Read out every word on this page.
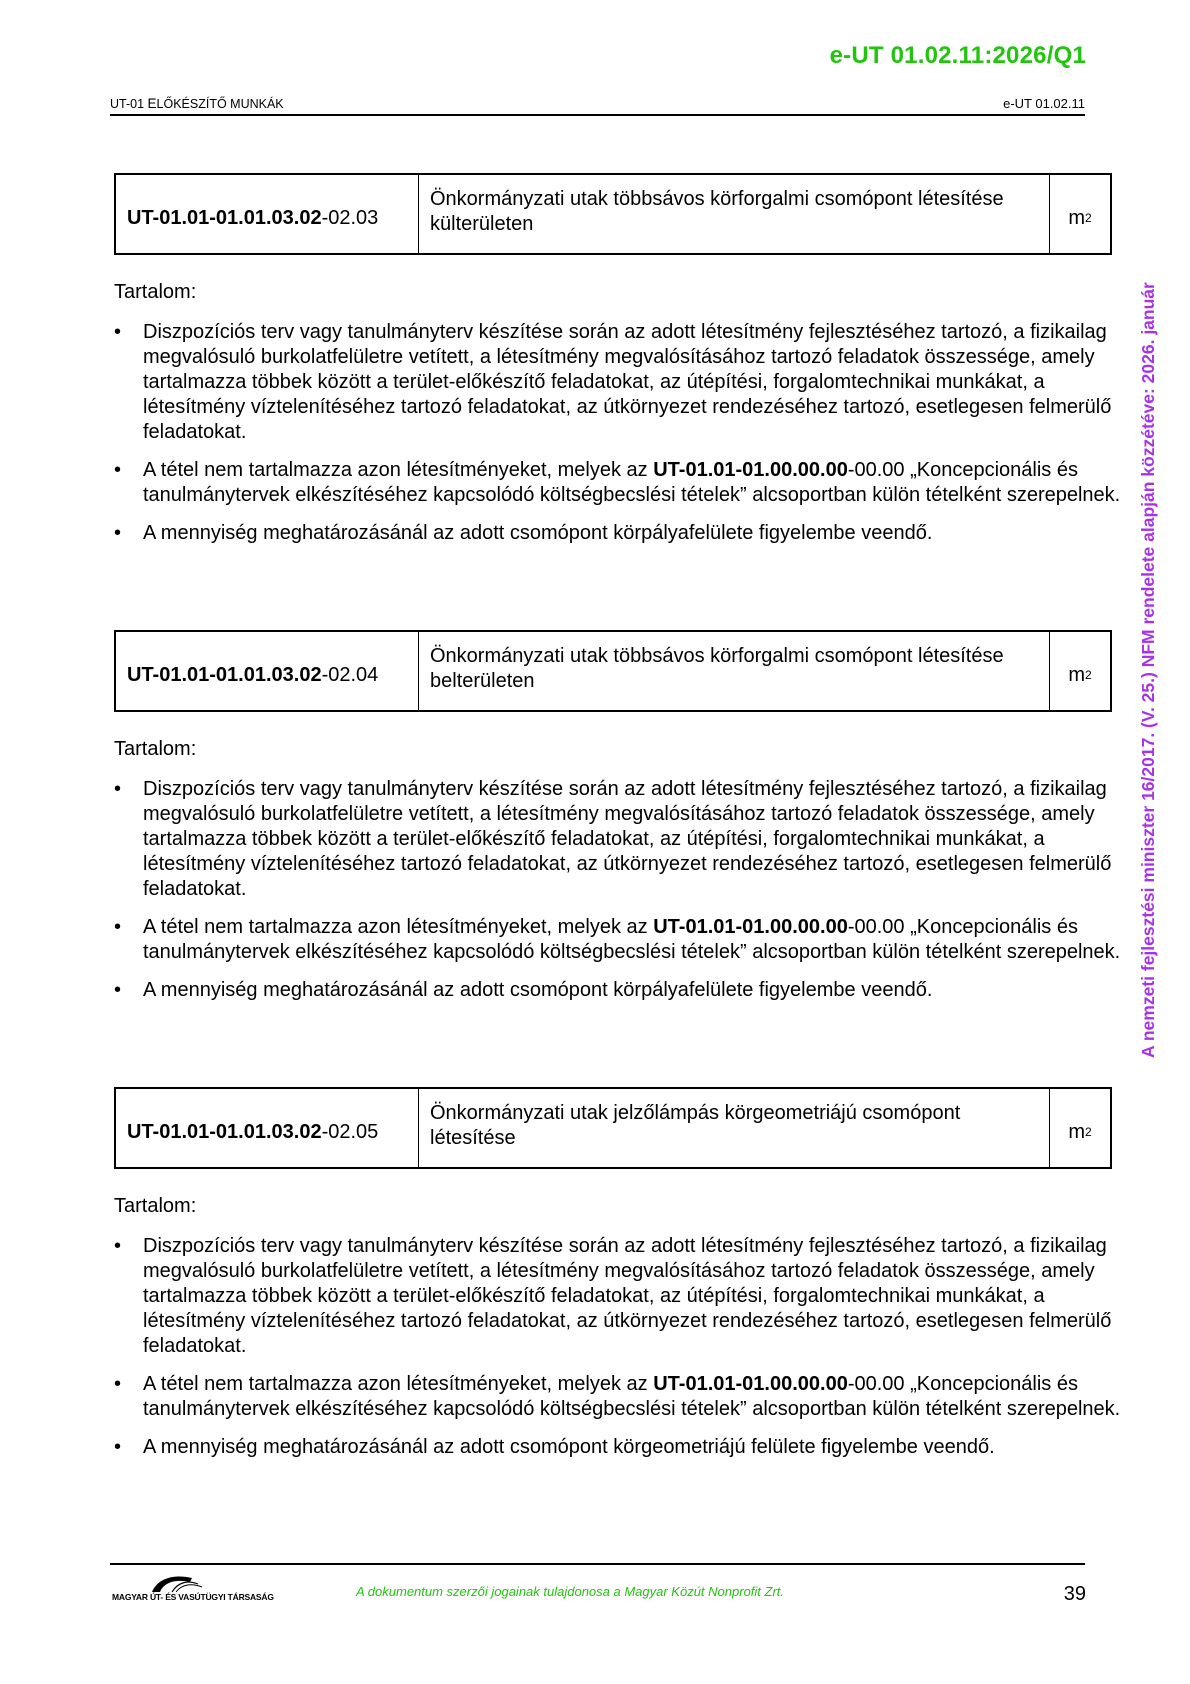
e-UT 01.02.11:2026/Q1
UT-01 ELŐKÉSZÍTŐ MUNKÁK	e-UT 01.02.11
A nemzeti fejlesztési miniszter 16/2017. (V. 25.) NFM rendelete alapján közzétéve: 2026. január
UT-01.01-01.01.03.02 -02.03
Önkormányzati utak többsávos körforgalmi csomópont létesítése külterületen	m 2
Tartalom:
• Diszpozíciós terv vagy tanulmányterv készítése során az adott létesítmény fejlesztéséhez tartozó, a fizikailag megvalósuló burkolatfelületre vetített, a létesítmény megvalósításához tartozó feladatok összessége, amely tartalmazza többek között a terület-előkészítő feladatokat, az útépítési, forgalomtechnikai munkákat, a létesítmény víztelenítéséhez tartozó feladatokat, az útkörnyezet rendezéséhez tartozó, esetlegesen felmerülő feladatokat.
• A tétel nem tartalmazza azon létesítményeket, melyek az UT-01.01-01.00.00.00-00.00 „Koncepcionális és tanulmánytervek elkészítéséhez kapcsolódó költségbecslési tételek” alcsoportban külön tételként szerepelnek.
• A mennyiség meghatározásánál az adott csomópont körpályafelülete figyelembe veendő.
UT-01.01-01.01.03.02 -02.04
Önkormányzati utak többsávos körforgalmi csomópont létesítése belterületen	m 2
Tartalom:
• Diszpozíciós terv vagy tanulmányterv készítése során az adott létesítmény fejlesztéséhez tartozó, a fizikailag megvalósuló burkolatfelületre vetített, a létesítmény megvalósításához tartozó feladatok összessége, amely tartalmazza többek között a terület-előkészítő feladatokat, az útépítési, forgalomtechnikai munkákat, a létesítmény víztelenítéséhez tartozó feladatokat, az útkörnyezet rendezéséhez tartozó, esetlegesen felmerülő feladatokat.
• A tétel nem tartalmazza azon létesítményeket, melyek az UT-01.01-01.00.00.00-00.00 „Koncepcionális és tanulmánytervek elkészítéséhez kapcsolódó költségbecslési tételek” alcsoportban külön tételként szerepelnek.
• A mennyiség meghatározásánál az adott csomópont körpályafelülete figyelembe veendő.
UT-01.01-01.01.03.02 -02.05
Önkormányzati utak jelzőlámpás körgeometriájú csomópont létesítése	m 2
Tartalom:
• Diszpozíciós terv vagy tanulmányterv készítése során az adott létesítmény fejlesztéséhez tartozó, a fizikailag megvalósuló burkolatfelületre vetített, a létesítmény megvalósításához tartozó feladatok összessége, amely tartalmazza többek között a terület-előkészítő feladatokat, az útépítési, forgalomtechnikai munkákat, a létesítmény víztelenítéséhez tartozó feladatokat, az útkörnyezet rendezéséhez tartozó, esetlegesen felmerülő feladatokat.
• A tétel nem tartalmazza azon létesítményeket, melyek az UT-01.01-01.00.00.00-00.00 „Koncepcionális és tanulmánytervek elkészítéséhez kapcsolódó költségbecslési tételek” alcsoportban külön tételként szerepelnek.
• A mennyiség meghatározásánál az adott csomópont körgeometriájú felülete figyelembe veendő.
MAGYAR ÚT- ÉS VASÚTÜGYI TÁRSASÁG	A dokumentum szerzői jogainak tulajdonosa a Magyar Közút Nonprofit Zrt.	39
